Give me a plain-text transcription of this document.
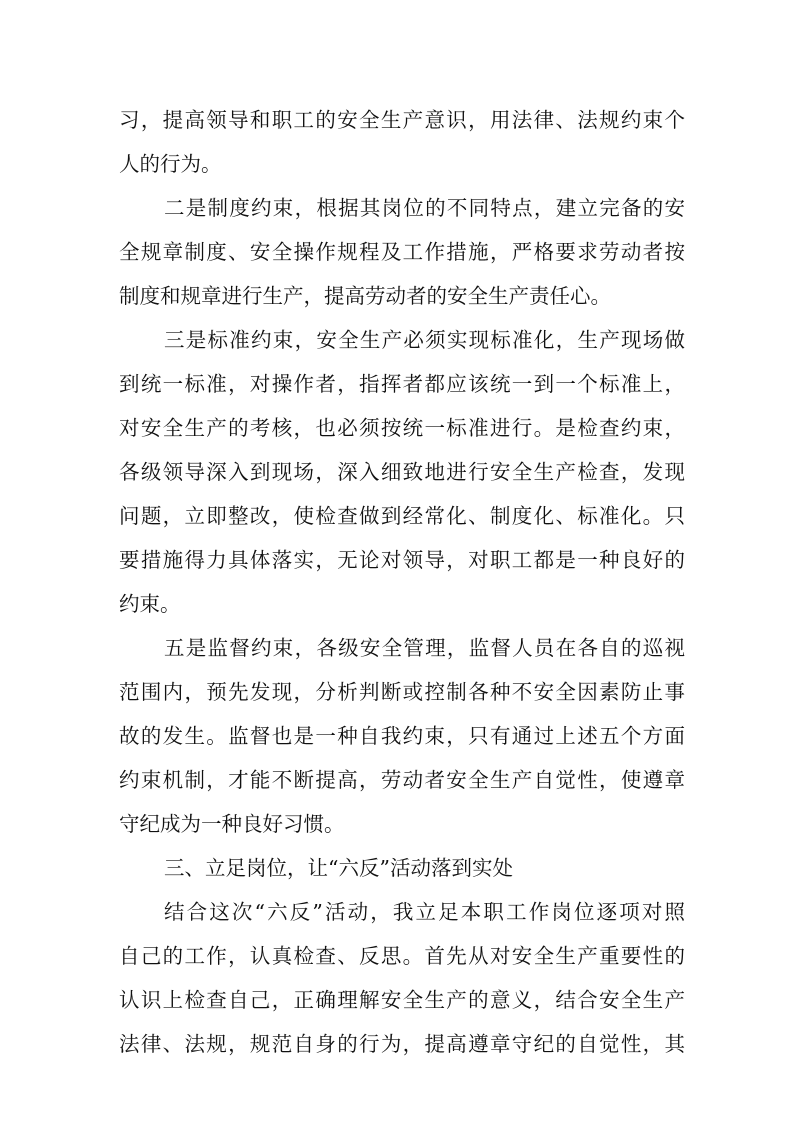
习，提高领导和职工的安全生产意识，用法律、法规约束个
人的行为。
二是制度约束，根据其岗位的不同特点，建立完备的安
全规章制度、安全操作规程及工作措施，严格要求劳动者按
制度和规章进行生产，提高劳动者的安全生产责任心。
三是标准约束，安全生产必须实现标准化，生产现场做
到统一标准，对操作者，指挥者都应该统一到一个标准上，
对安全生产的考核，也必须按统一标准进行。是检查约束，
各级领导深入到现场，深入细致地进行安全生产检查，发现
问题，立即整改，使检查做到经常化、制度化、标准化。只
要措施得力具体落实，无论对领导，对职工都是一种良好的
约束。
五是监督约束，各级安全管理，监督人员在各自的巡视
范围内，预先发现，分析判断或控制各种不安全因素防止事
故的发生。监督也是一种自我约束，只有通过上述五个方面
约束机制，才能不断提高，劳动者安全生产自觉性，使遵章
守纪成为一种良好习惯。
三、立足岗位，让“六反”活动落到实处
结合这次“六反”活动，我立足本职工作岗位逐项对照
自己的工作，认真检查、反思。首先从对安全生产重要性的
认识上检查自己，正确理解安全生产的意义，结合安全生产
法律、法规，规范自身的行为，提高遵章守纪的自觉性，其
